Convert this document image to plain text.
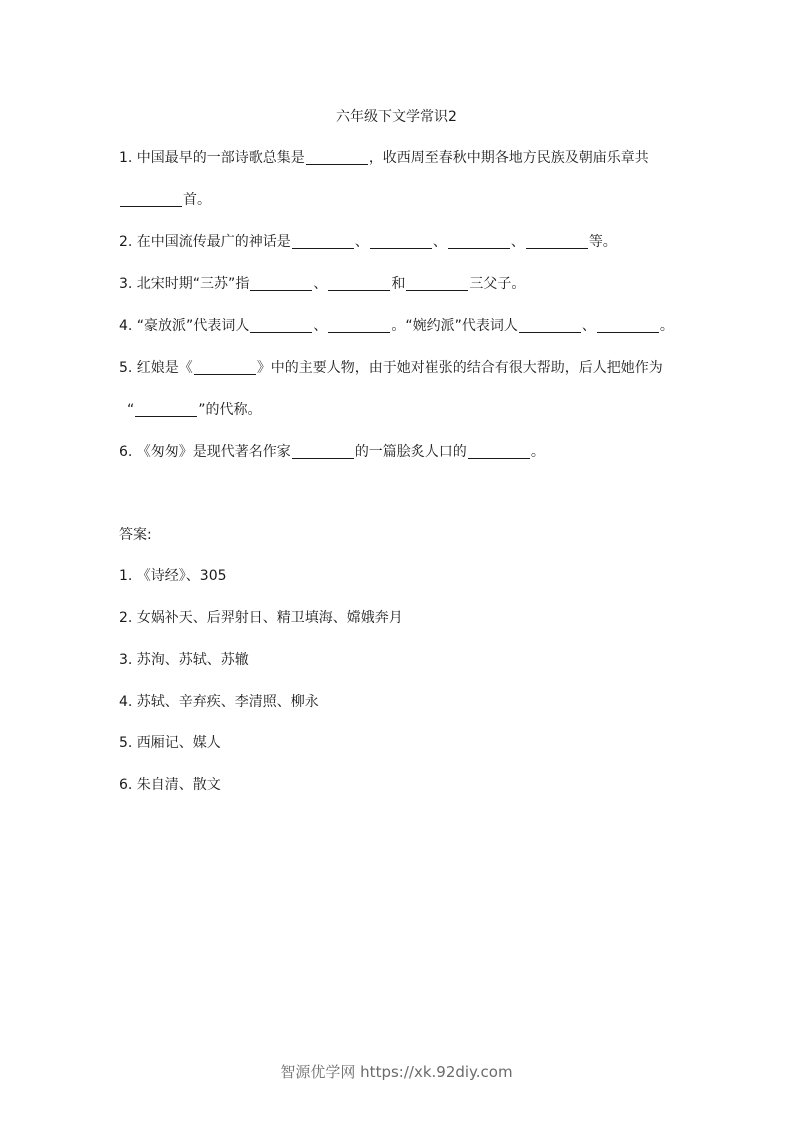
六年级下文学常识2
1. 中国最早的一部诗歌总集是	，收西周至春秋中期各地方民族及朝庙乐章共
首。
2. 在中国流传最广的神话是	、	、	、	等。
3. 北宋时期“三苏”指	、	和	三父子。
4. “豪放派”代表词人	、	。“婉约派”代表词人	、	。
5. 红娘是《	》中的主要人物，由于她对崔张的结合有很大帮助，后人把她作为
“	”的代称。
6. 《匆匆》是现代著名作家	的一篇脍炙人口的	。
答案:
1. 《诗经》、305
2. 女娲补天、后羿射日、精卫填海、嫦娥奔月
3. 苏洵、苏轼、苏辙
4. 苏轼、辛弃疾、李清照、柳永
5. 西厢记、媒人
6. 朱自清、散文
智源优学网 https://xk.92diy.com
